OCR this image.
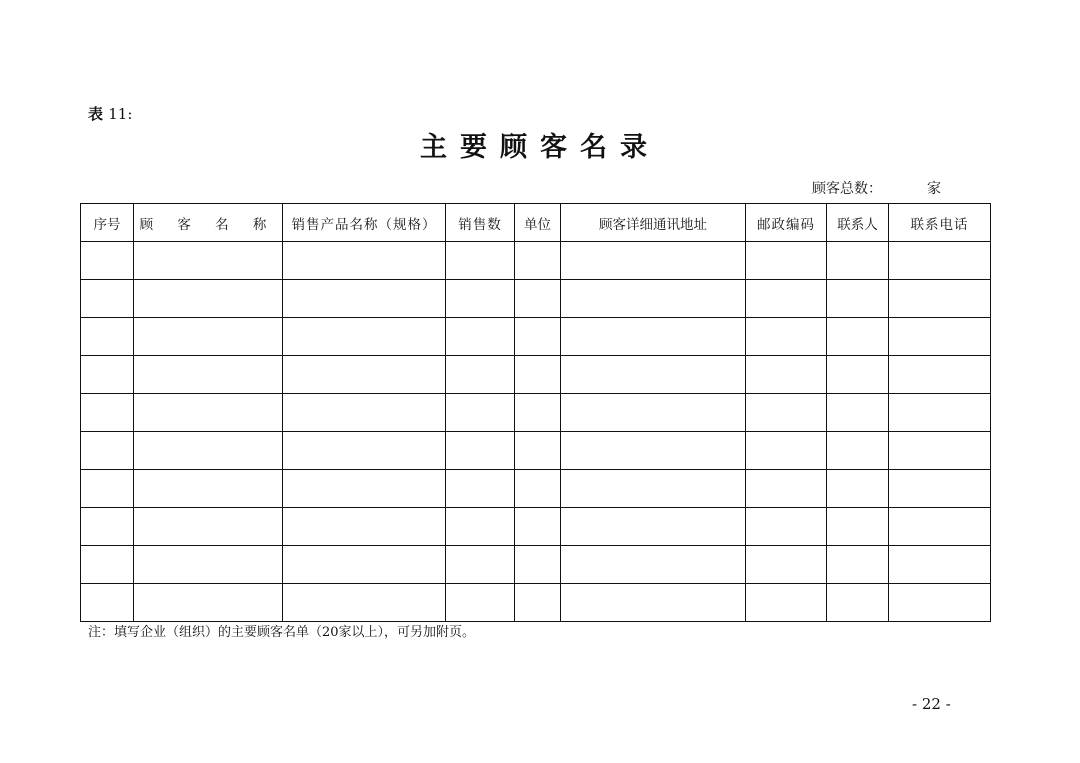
表 11:
主要顾客名录
顾客总数：	家
序号	顾 客 名 称	销售产品名称（规格）	销售数	单位	顾客详细通讯地址	邮政编码	联系人	联系电话

注：填写企业（组织）的主要顾客名单（20家以上），可另加附页。
- 22 -
